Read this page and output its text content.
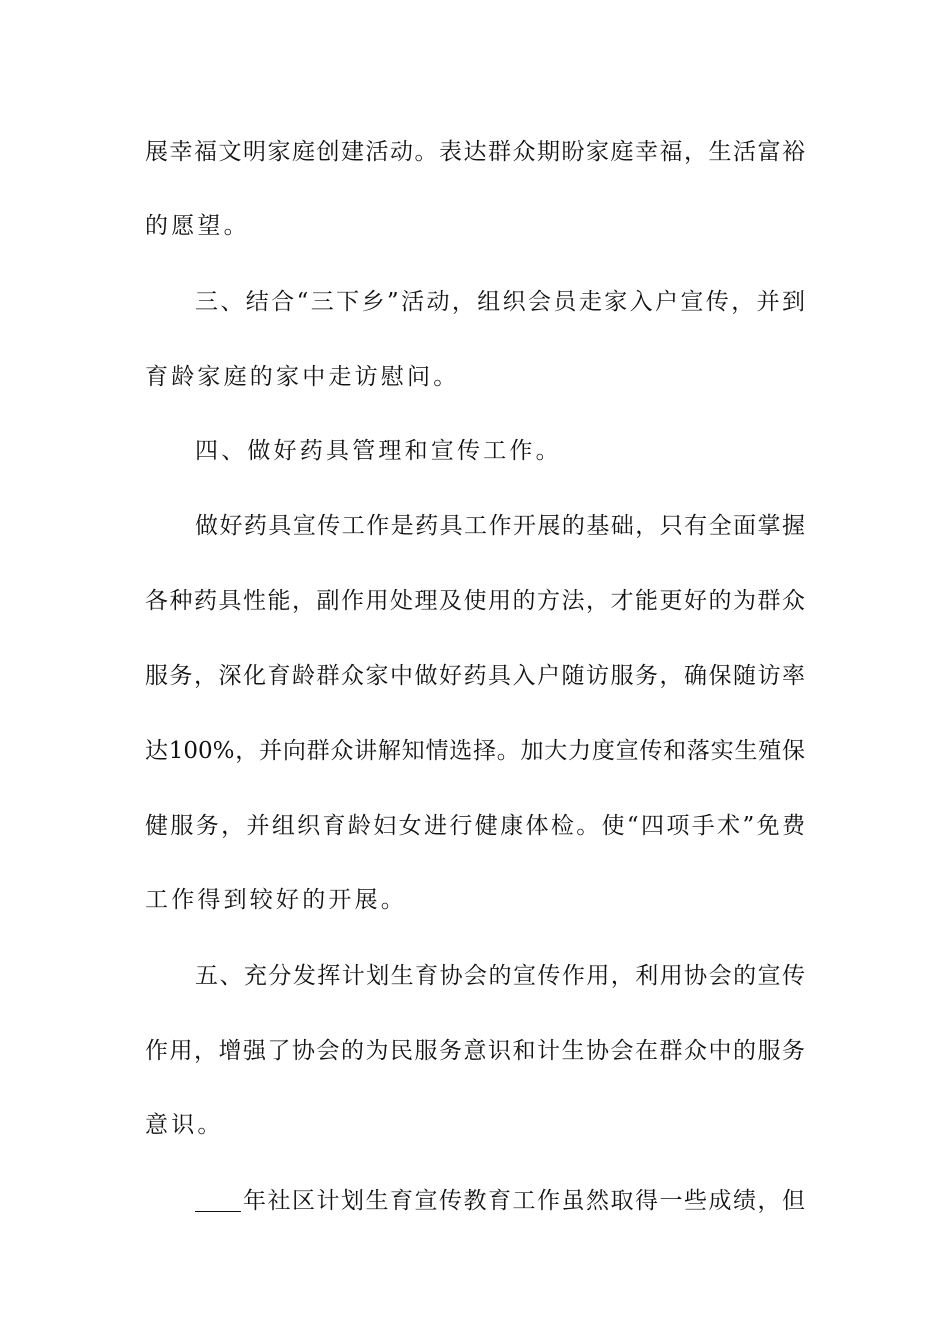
展幸福文明家庭创建活动。表达群众期盼家庭幸福，生活富裕
的愿望。
三、结合“三下乡”活动，组织会员走家入户宣传，并到
育龄家庭的家中走访慰问。
四、做好药具管理和宣传工作。
做好药具宣传工作是药具工作开展的基础，只有全面掌握
各种药具性能，副作用处理及使用的方法，才能更好的为群众
服务，深化育龄群众家中做好药具入户随访服务，确保随访率
达100%，并向群众讲解知情选择。加大力度宣传和落实生殖保
健服务，并组织育龄妇女进行健康体检。使“四项手术”免费
工作得到较好的开展。
五、充分发挥计划生育协会的宣传作用，利用协会的宣传
作用，增强了协会的为民服务意识和计生协会在群众中的服务
意识。
年社区计划生育宣传教育工作虽然取得一些成绩，但
